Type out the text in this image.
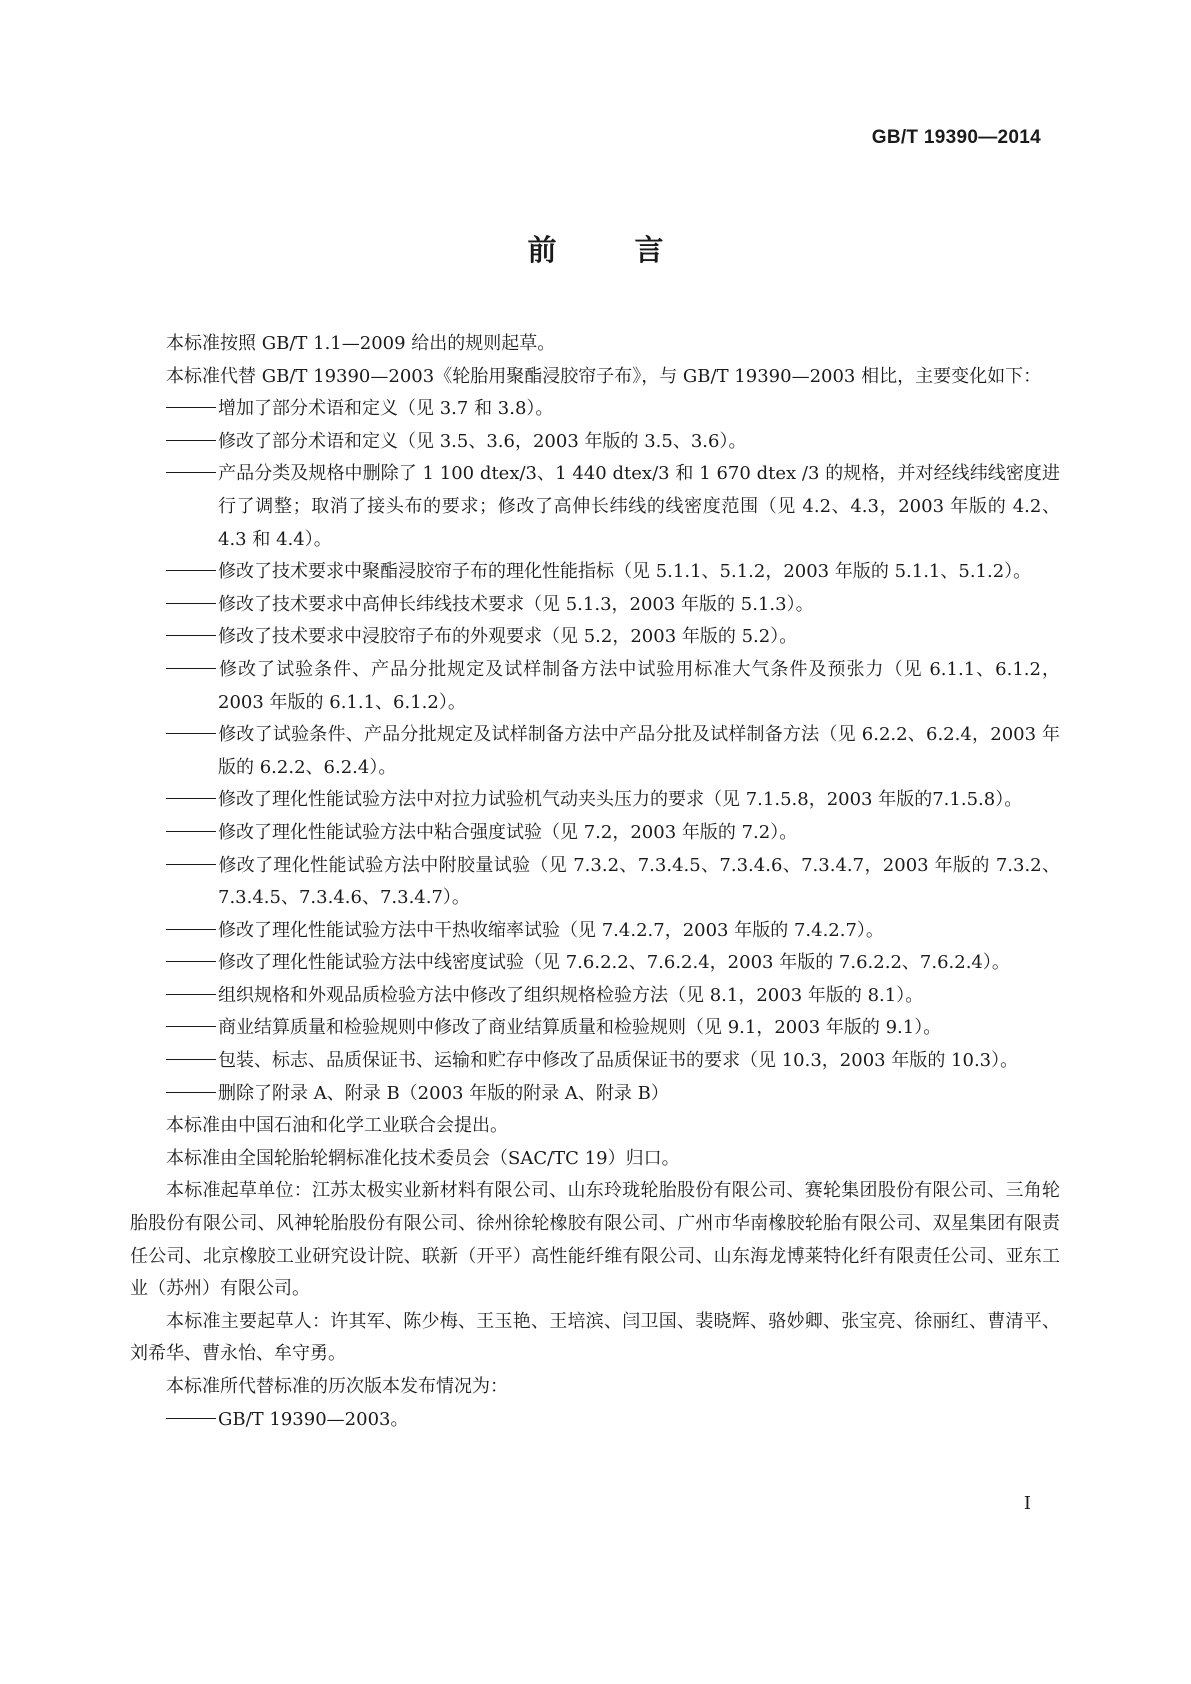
GB/T 19390—2014
前 言

本标准按照 GB/T 1.1—2009 给出的规则起草。

本标准代替 GB/T 19390—2003《轮胎用聚酯浸胶帘子布》，与 GB/T 19390—2003 相比，主要变化如下：

增加了部分术语和定义（见 3.7 和 3.8）。

修改了部分术语和定义（见 3.5、3.6，2003 年版的 3.5、3.6）。

产品分类及规格中删除了 1 100 dtex/3、1 440 dtex/3 和 1 670 dtex /3 的规格，并对经线纬线密度进行了调整；取消了接头布的要求；修改了高伸长纬线的线密度范围（见 4.2、4.3，2003 年版的 4.2、4.3 和 4.4）。

修改了技术要求中聚酯浸胶帘子布的理化性能指标（见 5.1.1、5.1.2，2003 年版的 5.1.1、5.1.2）。

修改了技术要求中高伸长纬线技术要求（见 5.1.3，2003 年版的 5.1.3）。

修改了技术要求中浸胶帘子布的外观要求（见 5.2，2003 年版的 5.2）。

修改了试验条件、产品分批规定及试样制备方法中试验用标准大气条件及预张力（见 6.1.1、6.1.2，2003 年版的 6.1.1、6.1.2）。

修改了试验条件、产品分批规定及试样制备方法中产品分批及试样制备方法（见 6.2.2、6.2.4，2003 年版的 6.2.2、6.2.4）。

修改了理化性能试验方法中对拉力试验机气动夹头压力的要求（见 7.1.5.8，2003 年版的7.1.5.8）。

修改了理化性能试验方法中粘合强度试验（见 7.2，2003 年版的 7.2）。

修改了理化性能试验方法中附胶量试验（见 7.3.2、7.3.4.5、7.3.4.6、7.3.4.7，2003 年版的 7.3.2、7.3.4.5、7.3.4.6、7.3.4.7）。

修改了理化性能试验方法中干热收缩率试验（见 7.4.2.7，2003 年版的 7.4.2.7）。

修改了理化性能试验方法中线密度试验（见 7.6.2.2、7.6.2.4，2003 年版的 7.6.2.2、7.6.2.4）。

组织规格和外观品质检验方法中修改了组织规格检验方法（见 8.1，2003 年版的 8.1）。

商业结算质量和检验规则中修改了商业结算质量和检验规则（见 9.1，2003 年版的 9.1）。

包装、标志、品质保证书、运输和贮存中修改了品质保证书的要求（见 10.3，2003 年版的 10.3）。

删除了附录 A、附录 B（2003 年版的附录 A、附录 B）

本标准由中国石油和化学工业联合会提出。

本标准由全国轮胎轮辋标准化技术委员会（SAC/TC 19）归口。

本标准起草单位：江苏太极实业新材料有限公司、山东玲珑轮胎股份有限公司、赛轮集团股份有限公司、三角轮胎股份有限公司、风神轮胎股份有限公司、徐州徐轮橡胶有限公司、广州市华南橡胶轮胎有限公司、双星集团有限责任公司、北京橡胶工业研究设计院、联新（开平）高性能纤维有限公司、山东海龙博莱特化纤有限责任公司、亚东工业（苏州）有限公司。

本标准主要起草人：许其军、陈少梅、王玉艳、王培滨、闫卫国、裴晓辉、骆妙卿、张宝亮、徐丽红、曹清平、刘希华、曹永怡、牟守勇。

本标准所代替标准的历次版本发布情况为：

GB/T 19390—2003。

I
